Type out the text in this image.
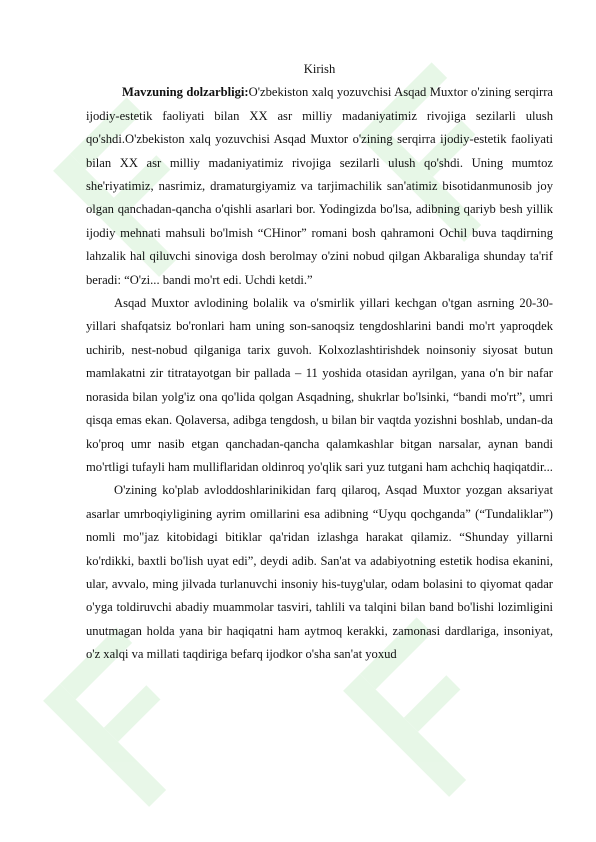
Kirish

Mavzuning dolzarbligi:O'zbekiston xalq yozuvchisi Asqad Muxtor o'zining serqirra ijodiy-estetik faoliyati bilan XX asr milliy madaniyatimiz rivojiga sezilarli ulush qo'shdi.O'zbekiston xalq yozuvchisi Asqad Muxtor o'zining serqirra ijodiy-estetik faoliyati bilan XX asr milliy madaniyatimiz rivojiga sezilarli ulush qo'shdi. Uning mumtoz she'riyatimiz, nasrimiz, dramaturgiyamiz va tarjimachilik san'atimiz bisotidanmunosib joy olgan qanchadan-qancha o'qishli asarlari bor. Yodingizda bo'lsa, adibning qariyb besh yillik ijodiy mehnati mahsuli bo'lmish “CHinor” romani bosh qahramoni Ochil buva taqdirning lahzalik hal qiluvchi sinoviga dosh berolmay o'zini nobud qilgan Akbaraliga shunday ta'rif beradi: “O'zi... bandi mo'rt edi. Uchdi ketdi.”

Asqad Muxtor avlodining bolalik va o'smirlik yillari kechgan o'tgan asrning 20-30-yillari shafqatsiz bo'ronlari ham uning son-sanoqsiz tengdoshlarini bandi mo'rt yaproqdek uchirib, nest-nobud qilganiga tarix guvoh. Kolxozlashtirishdek noinsoniy siyosat butun mamlakatni zir titratayotgan bir pallada – 11 yoshida otasidan ayrilgan, yana o'n bir nafar norasida bilan yolg'iz ona qo'lida qolgan Asqadning, shukrlar bo'lsinki, “bandi mo'rt”, umri qisqa emas ekan. Qolaversa, adibga tengdosh, u bilan bir vaqtda yozishni boshlab, undan-da ko'proq umr nasib etgan qanchadan-qancha qalamkashlar bitgan narsalar, aynan bandi mo'rtligi tufayli ham mulliflaridan oldinroq yo'qlik sari yuz tutgani ham achchiq haqiqatdir...

O'zining ko'plab avloddoshlarinikidan farq qilaroq, Asqad Muxtor yozgan aksariyat asarlar umrboqiyligining ayrim omillarini esa adibning “Uyqu qochganda” (“Tundaliklar”) nomli mo"jaz kitobidagi bitiklar qa'ridan izlashga harakat qilamiz. “Shunday yillarni ko'rdikki, baxtli bo'lish uyat edi”, deydi adib. San'at va adabiyotning estetik hodisa ekanini, ular, avvalo, ming jilvada turlanuvchi insoniy his-tuyg'ular, odam bolasini to qiyomat qadar o'yga toldiruvchi abadiy muammolar tasviri, tahlili va talqini bilan band bo'lishi lozimligini unutmagan holda yana bir haqiqatni ham aytmoq kerakki, zamonasi dardlariga, insoniyat, o'z xalqi va millati taqdiriga befarq ijodkor o'sha san'at yoxud
